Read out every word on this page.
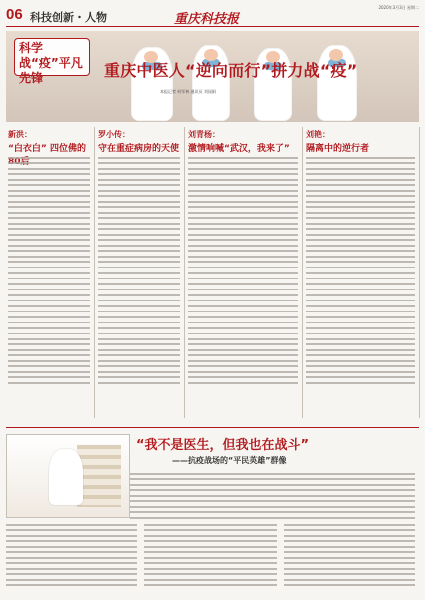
06 科技创新・人物	重庆科技报
2020年3月3日 星期二
科学战“疫”平凡先锋	重庆中医人“逆向而行”拼力战“疫”
本报记者 何军林 通讯员 刘园娟
新洪：
“白衣白” 四位佛的
罗小传：
守在重症病房的天使
刘青杨：
激情响喊“武汉，我来了”
刘艳：
隔离中的逆行者
“我不是医生，但我也在战斗”
——抗疫战场的“平民英雄”群像
